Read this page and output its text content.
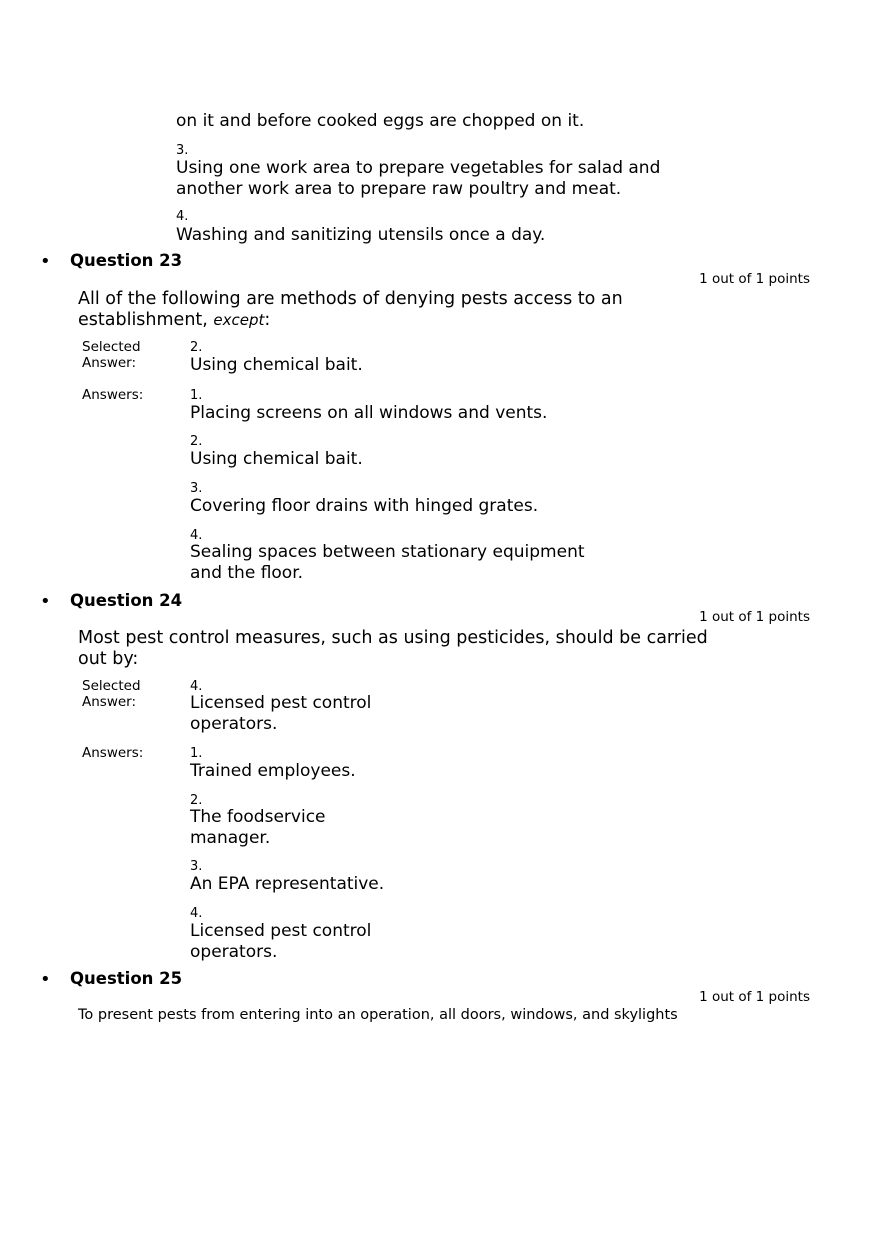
on it and before cooked eggs are chopped on it.
3.
Using one work area to prepare vegetables for salad and another work area to prepare raw poultry and meat.
4.
Washing and sanitizing utensils once a day.
• Question 23
1 out of 1 points
All of the following are methods of denying pests access to an establishment, except:
Selected Answer:
2.
Using chemical bait.
Answers:	1.
Placing screens on all windows and vents.
2.
Using chemical bait.
3.
Covering floor drains with hinged grates.
4.
Sealing spaces between stationary equipment and the floor.
• Question 24
1 out of 1 points
Most pest control measures, such as using pesticides, should be carried out by:
Selected Answer:
4.
Licensed pest control operators.
Answers:	1.
Trained employees.
2.
The foodservice manager.
3.
An EPA representative.
4.
Licensed pest control operators.
• Question 25
1 out of 1 points
To present pests from entering into an operation, all doors, windows, and skylights
